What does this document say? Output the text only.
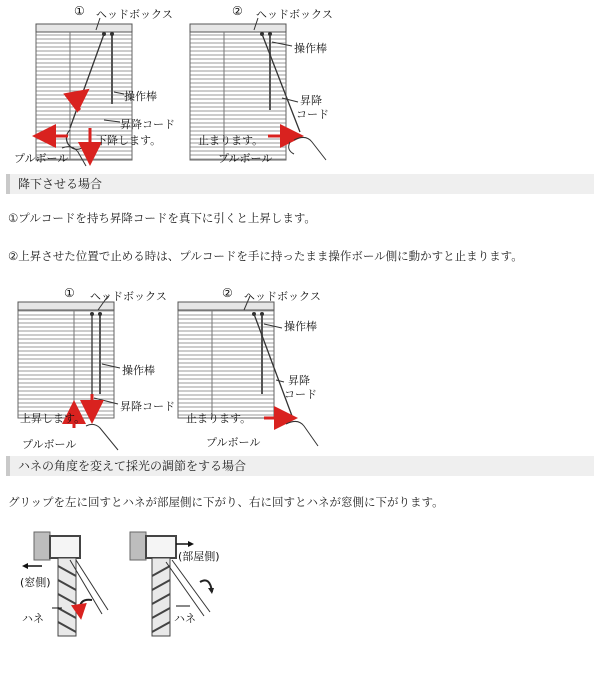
① ヘッドボックス
操作棒
昇降コード
下降します。
プルボール
② ヘッドボックス
操作棒
昇降
コード
止まります。
プルボール
降下させる場合
①プルコードを持ち昇降コードを真下に引くと上昇します。
②上昇させた位置で止める時は、プルコードを手に持ったまま操作ボール側に動かすと止まります。
① ヘッドボックス
操作棒
昇降コード
上昇します。
プルボール
② ヘッドボックス
操作棒
昇降
コード
止まります。
プルボール
ハネの角度を変えて採光の調節をする場合
グリップを左に回すとハネが部屋側に下がり、右に回すとハネが窓側に下がります。
(窓側)
ハネ
(部屋側)
ハネ
